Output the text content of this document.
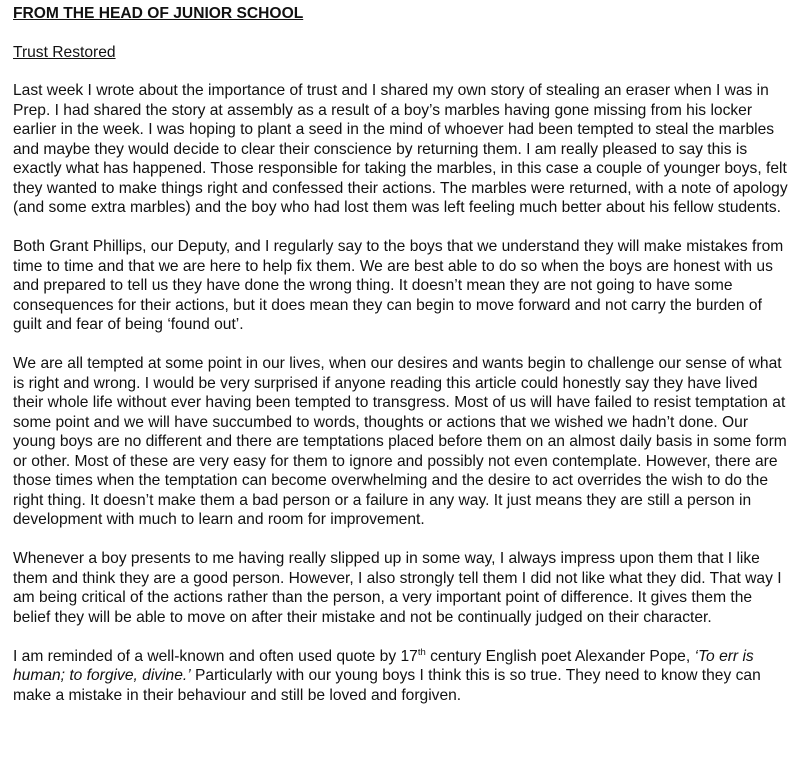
FROM THE HEAD OF JUNIOR SCHOOL
Trust Restored

Last week I wrote about the importance of trust and I shared my own story of stealing an eraser when I was in Prep. I had shared the story at assembly as a result of a boy’s marbles having gone missing from his locker earlier in the week. I was hoping to plant a seed in the mind of whoever had been tempted to steal the marbles and maybe they would decide to clear their conscience by returning them. I am really pleased to say this is exactly what has happened. Those responsible for taking the marbles, in this case a couple of younger boys, felt they wanted to make things right and confessed their actions. The marbles were returned, with a note of apology (and some extra marbles) and the boy who had lost them was left feeling much better about his fellow students.

Both Grant Phillips, our Deputy, and I regularly say to the boys that we understand they will make mistakes from time to time and that we are here to help fix them. We are best able to do so when the boys are honest with us and prepared to tell us they have done the wrong thing. It doesn’t mean they are not going to have some consequences for their actions, but it does mean they can begin to move forward and not carry the burden of guilt and fear of being ‘found out’.

We are all tempted at some point in our lives, when our desires and wants begin to challenge our sense of what is right and wrong. I would be very surprised if anyone reading this article could honestly say they have lived their whole life without ever having been tempted to transgress. Most of us will have failed to resist temptation at some point and we will have succumbed to words, thoughts or actions that we wished we hadn’t done. Our young boys are no different and there are temptations placed before them on an almost daily basis in some form or other. Most of these are very easy for them to ignore and possibly not even contemplate. However, there are those times when the temptation can become overwhelming and the desire to act overrides the wish to do the right thing. It doesn’t make them a bad person or a failure in any way. It just means they are still a person in development with much to learn and room for improvement.

Whenever a boy presents to me having really slipped up in some way, I always impress upon them that I like them and think they are a good person. However, I also strongly tell them I did not like what they did. That way I am being critical of the actions rather than the person, a very important point of difference. It gives them the belief they will be able to move on after their mistake and not be continually judged on their character.

I am reminded of a well-known and often used quote by 17th century English poet Alexander Pope, ‘To err is human; to forgive, divine.’ Particularly with our young boys I think this is so true. They need to know they can make a mistake in their behaviour and still be loved and forgiven.
